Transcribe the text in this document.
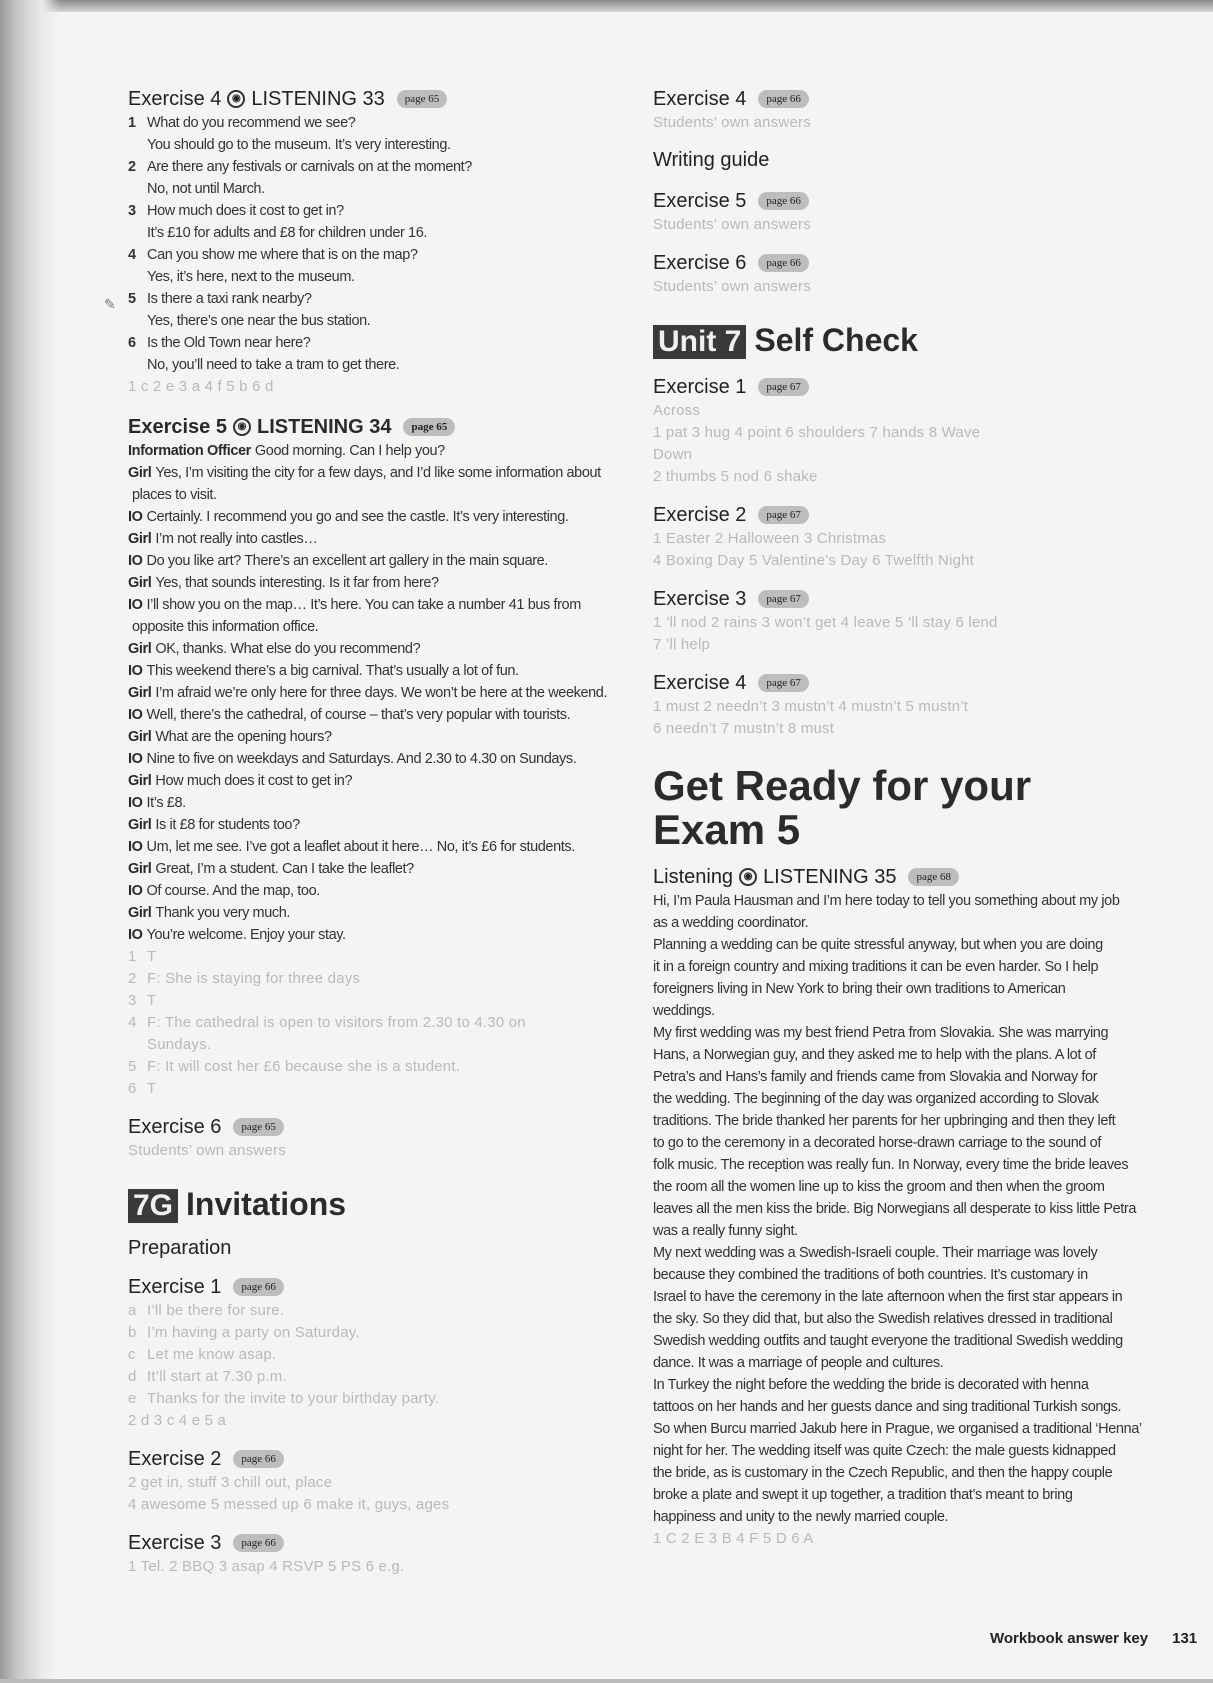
✎
Exercise 4	◉ LISTENING 33	page 65

1 What do you recommend we see?

You should go to the museum. It’s very interesting.

2 Are there any festivals or carnivals on at the moment?

No, not until March.

3 How much does it cost to get in?

It’s £10 for adults and £8 for children under 16.

4 Can you show me where that is on the map?

Yes, it’s here, next to the museum.

5 Is there a taxi rank nearby?

Yes, there’s one near the bus station.

6 Is the Old Town near here?

No, you’ll need to take a tram to get there.

1 c 2 e 3 a 4 f 5 b 6 d

Exercise 5	◉ LISTENING 34	page 65

Information Officer Good morning. Can I help you?

Girl Yes, I’m visiting the city for a few days, and I’d like some information about

places to visit.

IO Certainly. I recommend you go and see the castle. It’s very interesting.

Girl I’m not really into castles…

IO Do you like art? There’s an excellent art gallery in the main square.

Girl Yes, that sounds interesting. Is it far from here?

IO I’ll show you on the map… It’s here. You can take a number 41 bus from

opposite this information office.

Girl OK, thanks. What else do you recommend?

IO This weekend there’s a big carnival. That’s usually a lot of fun.

Girl I’m afraid we’re only here for three days. We won’t be here at the weekend.

IO Well, there’s the cathedral, of course – that’s very popular with tourists.

Girl What are the opening hours?

IO Nine to five on weekdays and Saturdays. And 2.30 to 4.30 on Sundays.

Girl How much does it cost to get in?

IO It’s £8.

Girl Is it £8 for students too?

IO Um, let me see. I’ve got a leaflet about it here… No, it’s £6 for students.

Girl Great, I’m a student. Can I take the leaflet?

IO Of course. And the map, too.

Girl Thank you very much.

IO You’re welcome. Enjoy your stay.

1 T

2 F: She is staying for three days

3 T

4 F: The cathedral is open to visitors from 2.30 to 4.30 on

Sundays.

5 F: It will cost her £6 because she is a student.

6 T

Exercise 6	page 65

Students’ own answers

7G Invitations

Preparation

Exercise 1	page 66

a I’ll be there for sure.

b I’m having a party on Saturday.

c Let me know asap.

d It’ll start at 7.30 p.m.

e Thanks for the invite to your birthday party.

2 d 3 c 4 e 5 a

Exercise 2	page 66

2 get in, stuff 3 chill out, place

4 awesome 5 messed up 6 make it, guys, ages

Exercise 3	page 66

1 Tel. 2 BBQ 3 asap 4 RSVP 5 PS 6 e.g.

Exercise 4	page 66

Students’ own answers

Writing guide

Exercise 5	page 66

Students’ own answers

Exercise 6	page 66

Students’ own answers

Unit 7 Self Check

Exercise 1	page 67

Across

1 pat 3 hug 4 point 6 shoulders 7 hands 8 Wave

Down

2 thumbs 5 nod 6 shake

Exercise 2	page 67

1 Easter 2 Halloween 3 Christmas

4 Boxing Day 5 Valentine’s Day 6 Twelfth Night

Exercise 3	page 67

1 ’ll nod 2 rains 3 won’t get 4 leave 5 ’ll stay 6 lend

7 ’ll help

Exercise 4	page 67

1 must 2 needn’t 3 mustn’t 4 mustn’t 5 mustn’t

6 needn’t 7 mustn’t 8 must

Get Ready for your

Exam 5

Listening	◉ LISTENING 35	page 68

Hi, I’m Paula Hausman and I’m here today to tell you something about my job

as a wedding coordinator.

Planning a wedding can be quite stressful anyway, but when you are doing

it in a foreign country and mixing traditions it can be even harder. So I help

foreigners living in New York to bring their own traditions to American

weddings.

My first wedding was my best friend Petra from Slovakia. She was marrying

Hans, a Norwegian guy, and they asked me to help with the plans. A lot of

Petra’s and Hans’s family and friends came from Slovakia and Norway for

the wedding. The beginning of the day was organized according to Slovak

traditions. The bride thanked her parents for her upbringing and then they left

to go to the ceremony in a decorated horse-drawn carriage to the sound of

folk music. The reception was really fun. In Norway, every time the bride leaves

the room all the women line up to kiss the groom and then when the groom

leaves all the men kiss the bride. Big Norwegians all desperate to kiss little Petra

was a really funny sight.

My next wedding was a Swedish-Israeli couple. Their marriage was lovely

because they combined the traditions of both countries. It’s customary in

Israel to have the ceremony in the late afternoon when the first star appears in

the sky. So they did that, but also the Swedish relatives dressed in traditional

Swedish wedding outfits and taught everyone the traditional Swedish wedding

dance. It was a marriage of people and cultures.

In Turkey the night before the wedding the bride is decorated with henna

tattoos on her hands and her guests dance and sing traditional Turkish songs.

So when Burcu married Jakub here in Prague, we organised a traditional ‘Henna’

night for her. The wedding itself was quite Czech: the male guests kidnapped

the bride, as is customary in the Czech Republic, and then the happy couple

broke a plate and swept it up together, a tradition that’s meant to bring

happiness and unity to the newly married couple.

1 C 2 E 3 B 4 F 5 D 6 A

Workbook answer key 131
